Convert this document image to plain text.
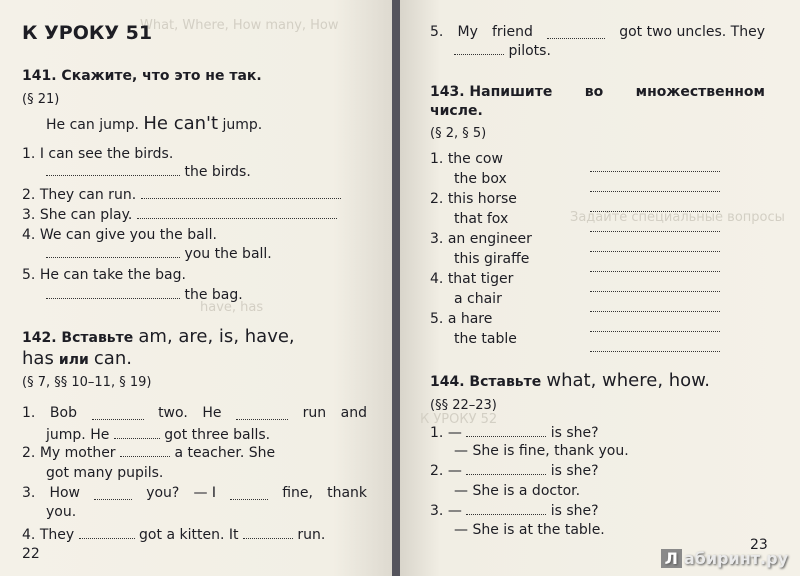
What, Where, How many, How
have, has
К УРОКУ 51
141. Скажите, что это не так.
(§ 21)
He can jump. He can't jump.
1. I can see the birds.
the birds.
2. They can run.
3. She can play.
4. We can give you the ball.
you the ball.
5. He can take the bag.
the bag.
142. Вставьте am, are, is, have,
has или can.
(§ 7, §§ 10–11, § 19)
1. Bob	two. He	run and
jump. He	got three balls.
2. My mother	a teacher. She
got many pupils.
3. How	you? — I	fine, thank
you.
4. They	got a kitten. It	run.
22
Задайте специальные вопросы
К УРОКУ 52
5. My friend	got two uncles. They
pilots.
143. Напишите во множественном
числе.
(§ 2, § 5)
1. the cow
the box
2. this horse
that fox
3. an engineer
this giraffe
4. that tiger
a chair
5. a hare
the table
144. Вставьте what, where, how.
(§§ 22–23)
1. —	is she?
— She is fine, thank you.
2. —	is she?
— She is a doctor.
3. —	is she?
— She is at the table.
23
Л абиринт.ру
